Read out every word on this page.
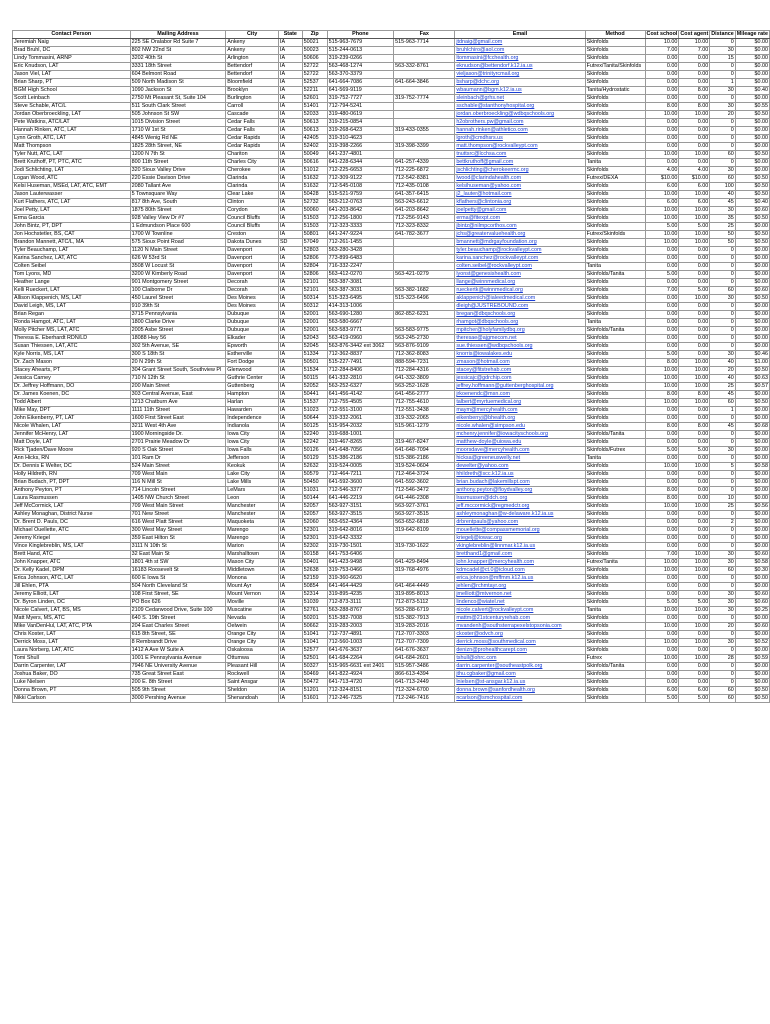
Contact Person	Mailing Address	City	State	Zip	Phone	Fax	Email	Method	Cost school	Cost agent	Distance	Mileage rate
Jeremiah Naig	225 SE Oralabor Rd Suite 7	Ankeny	IA	50021	515-963-7679	515-963-7714	jtdnaig@gmail.com	Skinfolds	10.00	10.00	0	$0.00
Brad Bruhl, DC	802 NW 22nd St	Ankeny	IA	50023	515-244-0613		bruhlchiro@aol.com	Skinfolds	7.00	7.00	30	$0.00
Lindy Tommasini, ARNP	3202 40th St	Arlington	IA	50606	319-239-0266		ltommasini@fcchealth.org	Skinfolds	0.00	0.00	15	$0.00
Eric Knudson, LAT	3331 18th Street	Bettendorf	IA	52722	563-468-1274	563-332-8761	eknudson@bettendorf.k12.ia.us	Futrex/Tanita/Skinfolds	0.00	0.00	0	$0.00
Jason Viel, LAT	604 Belmont Road	Bettendorf	IA	52722	563-370-3379		vieljason@trinityrcmail.org	Skinfolds	0.00	0.00	0	$0.00
Brian Sharp, PT	509 North Madison St	Bloomfield	IA	52537	641-664-7086	641-664-3846	bsharp@dchc.org	Skinfolds	0.00	0.00	1	$0.00
BGM High School	1090 Jackson St	Brooklyn	IA	52211	641-569-9119		wbaumann@bgm.k12.ia.us	Tanita/Hydrostatic	0.00	8.00	30	$0.40
Scott Leinbach	2750 Mt Pleasant St, Suite 104	Burlington	IA	52601	319-752-7727	319-752-7774	sleinbach@grhs.net	Skinfolds	0.00	0.00	0	$0.00
Steve Schable, ATC/L	511 South Clark Street	Carroll	IA	51401	712-794-5241		sschable@stanthonyhospital.org	Skinfolds	8.00	8.00	30	$0.55
Jordan Oberbroeckling, LAT	505 Johnson St SW	Cascade	IA	52033	319-480-0619		jordan.oberbroeckling@wdbqschools.org	Skinfolds	10.00	10.00	20	$0.50
Pete Watkins, ATC/LAT	1015 Division Street	Cedar Falls	IA	50613	319-215-0854		h2obrothers.pw@gmail.com	Skinfolds	0.00	0.00	0	$0.00
Hannah Rinken, ATC, LAT	1710 W 1st St	Cedar Falls	IA	50613	319-268-6423	319-433-0355	hannah.rinken@athletico.com	Skinfolds	0.00	0.00	0	$0.00
Lynn Groth, ATC, LAT	4845 Wenig Rd NE	Cedar Rapids	IA	42405	319-310-4623		lgroth@cmdhsrs.us	Skinfolds	0.00	0.00	0	$0.00
Matt Thompson	1825 28th Street, NE	Cedar Rapids	IA	52402	319-398-2266	319-398-3399	matt.thompson@rockvalleypt.com	Skinfolds	0.00	0.00	0	$0.00
Tyler Nutt, ATC, LAT	1200 N 7th St	Chariton	IA	50049	641-237-4801		tnuttsrc@lcchsa.com	Skinfolds	10.00	10.00	60	$0.50
Brett Kruthoff, PT, PTC, ATC	800 11th Street	Charles City	IA	50616	641-228-6344	641-257-4339	bettkruthoff@gmail.com	Tanita	0.00	0.00	0	$0.00
Jodi Schlichting, LAT	320 Sioux Valley Drive	Cherokee	IA	51012	712-225-6653	712-225-6872	jschlichting@cherokeermc.org	Skinfolds	4.00	4.00	30	$0.00
Logan Wood, ATC	220 Essie Davison Drive	Clarinda	IA	51632	712-309-9122	712-542-8381	lwood@clarindahealth.com	Futrex/DEXA	$10.00	$10.00	60	$0.50
Kelsi Huseman, MSEd, LAT, ATC, EMT	2080 Tallant Ave	Clarinda	IA	51632	712-545-0108	712-435-0108	kelsihuseman@yahoo.com	Skinfolds	6.00	6.00	100	$0.50
Jason Lauterwasser	5 Townsquare Way	Clear Lake	IA	50428	515-521-9759	641-357-6415	j2_lauter@hotmail.com	Skinfolds	10.00	10.00	40	$0.50
Kurt Flathers, ATC, LAT	817 8th Ave, South	Clinton	IA	52732	563-212-0763	563-243-6612	kflathers@clintonia.org	Skinfolds	6.00	6.00	45	$0.40
Joel Petty, LAT	1875 80th Street	Corydon	IA	50060	641-203-8642	641-203-8642	joelpetty@gmail.com	Skinfolds	10.00	10.00	30	$0.60
Erma Garcia	928 Valley View Dr #7	Council Bluffs	IA	51503	712-256-1800	712-256-9143	erma@fitexpt.com	Skinfolds	10.00	10.00	35	$0.50
John Bintz, PT, DPT	1 Edmundson Place 600	Council Bluffs	IA	51503	712-323-3333	712-323-8332	jbintz@nilmpcorthos.com	Skinfolds	5.00	5.00	25	$0.00
Jon Hochstetler, BS, CAT	1700 W Townline	Creston	IA	50801	641-247-9224	641-782-3677	jchs@greatervaluehealth.org	Futrex/Skinfolds	10.00	10.00	50	$0.50
Brandon Mannett, ATC/L, MA	575 Sioux Point Road	Dakota Dunes	SD	57049	712-261-1455		bmannett@mdrgayfoundation.org	Skinfolds	10.00	10.00	50	$0.50
Tyler Beauchamp, LAT	1120 N Main Street	Davenport	IA	52803	563-280-3428		tyler.beauchamp@rockvalleypt.com	Skinfolds	0.00	0.00	0	$0.00
Karina Sanchez, LAT, ATC	626 W 53rd St	Davenport	IA	52806	773-899-6483		karina.sanchez@rockvalleypt.com	Skinfolds	0.00	0.00	0	$0.00
Colten Seibel	3508 W Locust St	Davenport	IA	52804	716-332-2247		colten.seibel@rockvalleypt.com	Tanita	0.00	0.00	0	$0.00
Tom Lyons, MD	3200 W Kimberly Road	Davenport	IA	52806	563-412-0270	563-421-0279	lyonst@genesishealth.com	Skinfolds/Tanita	5.00	0.00	0	$0.00
Heather Lange	901 Montgomery Street	Decorah	IA	52101	563-387-3081		llange@winnmedical.org	Skinfolds	0.00	0.00	0	$0.00
Kelli Rueckert, LAT	100 Claiborne Dr	Decorah	IA	52101	563-387-3031	563-382-1682	rueckertk@winnmedical.org	Skinfolds	7.00	5.00	60	$0.60
Allison Klappenich, MS, LAT	450 Laurel Street	Des Moines	IA	50314	515-323-6495	515-323-6496	aklappenich@ialeedmedical.com	Skinfolds	0.00	10.00	30	$0.50
David Leigh, MS, LAT	910 39th St	Des Moines	IA	50312	414-313-1006		dleigh@JUSTREBOUND.com	Skinfolds	0.00	0.00	0	$0.00
Brian Regan	3715 Pennsylvania	Dubuque	IA	52001	563-690-1280	862-852-6231	bregan@dbqschools.org	Skinfolds	0.00	0.00	0	$0.00
Ronda Hamgot, ATC, LAT	1800 Clarke Drive	Dubuque	IA	52001	563-580-6667		rhamgot@dbqschools.org	Tanita	0.00	0.00	0	$0.00
Molly Pitcher MS, LAT, ATC	2005 Asbe Street	Dubuque	IA	52001	563-583-9771	563-583-9775	mpitcher@holyfamilydbq.org	Skinfolds/Tanita	0.00	0.00	0	$0.00
Theresa E. Eberhardt RDN/LD	18088 Hwy 56	Elkader	IA	52043	563-419-0960	563-245-2730	theresae@ajgmecom.net	Skinfolds	0.00	0.00	0	$0.00
Susan Thiessen, LAT, ATC	302 5th Avenue, SE	Epworth	IA	52045	563-876-3442 ext 3062	563-876-9109	sue.thiessen@wdbqschools.org	Skinfolds	0.00	0.00	0	$0.00
Kyle Norris, MS, LAT	300 S 18th St	Estherville	IA	51334	712-362-8837	712-362-8083	knorris@iowalakes.edu	Skinfolds	5.00	0.00	30	$0.46
Dr. Zach Mason	20 N 29th St	Fort Dodge	IA	50501	515-227-7491	888-594-7231	zmason@hotmail.com	Skinfolds	8.00	10.00	40	$1.00
Stacey Ahearts, PT	304 Grant Street South, Southview Pl	Glenwood	IA	51534	712-284-8406	712-284-4316	stacey@fitstrehab.com	Skinfolds	10.00	10.00	20	$0.50
Jessica Carney	710 N 12th St	Guthrie Center	IA	50115	641-332-2810	641-332-3809	jessicajc@gdrchip.com	Skinfolds	10.00	10.00	40	$0.63
Dr. Jeffrey Hoffmann, DO	200 Main Street	Guttenberg	IA	52052	563-252-6327	563-252-1628	jeffrey.hoffmann@guttenberghospital.org	Skinfolds	10.00	10.00	25	$0.57
Dr. James Koenen, DC	303 Central Avenue, East	Hampton	IA	50441	641-456-4142	641-456-2777	jrkoenendc@msn.com	Skinfolds	8.00	8.00	45	$0.00
Todd Albert	1213 Chatburn Ave	Harlan	IA	51537	712-755-4505	712-755-4610	talbert@myrtuemedical.org	Skinfolds	10.00	10.00	60	$0.50
Mike May, DPT	1111 11th Street	Hawarden	IA	51023	712-551-3100	712-551-3438	maym@mercyhealth.com	Skinfolds	0.00	0.00	1	$0.00
John Eikenberry, PT, LAT	1600 First Street East	Independence	IA	50644	319-332-2061	319-332-2065	eikenberryj@bhealth.org	Skinfolds	0.00	0.00	0	$0.00
Nicole Whalen, LAT	3211 West 4th Ave	Indianola	IA	50125	515-954-2032	515-961-1279	nicole.whalen@simpson.edu	Skinfolds	8.00	8.00	45	$0.68
Jennifer McHenry, LAT	1900 Morningside Dr.	Iowa City	IA	52240	319-688-1001		mchenry.jennifer@iowacityschools.org	Skinfolds/Tanita	0.00	0.00	0	$0.00
Matt Doyle, LAT	2701 Prairie Meadow Dr	Iowa City	IA	52242	319-467-8265	319-467-8247	matthew-doyle@uiowa.edu	Skinfolds	0.00	0.00	0	$0.00
Rick Tjaden/Dave Moore	920 S Oak Street	Iowa Falls	IA	50126	641-648-7056	641-648-7094	moorsdave@mercyhealth.com	Skinfolds/Futrex	5.00	5.00	30	$0.00
Ann Hicks, RN	101 Ram Dr	Jefferson	IA	50129	515-386-2186	515-386-2186	hicksa@greeneuswelly.net	Tanita	0.00	0.00	0	$0.00
Dr. Dennis E Welter, DC	524 Main Street	Keokuk	IA	52632	319-524-0005	319-524-0604	dewelter@yahoo.com	Skinfolds	10.00	10.00	5	$0.58
Holly Hildreth, RN	709 West Main	Lake City	IA	50579	712-464-7211	712-464-3724	hhildreth@scc.k12.ia.us	Skinfolds	0.00	0.00	0	$0.00
Brian Budach, PT, DPT	116 N Mill St	Lake Mills	IA	50450	641-592-3600	641-592-3602	brian.budach@lakemillspt.com	Skinfolds	0.00	0.00	0	$0.00
Anthony Peyton, PT	714 Lincoln Street	LeMars	IA	51031	712-546-3377	712-546-3472	anthony.peyton@floydvalley.org	Skinfolds	8.00	0.00	0	$0.00
Laura Rasmussen	1405 NW Church Street	Leon	IA	50144	641-446-2219	641-446-2308	lrasmussen@dch.org	Skinfolds	8.00	0.00	10	$0.00
Jeff McCormick, LAT	709 West Main Street	Manchester	IA	52057	563-927-3151	563-927-3761	jeff.mccormick@regmedctr.org	Skinfolds	10.00	10.00	25	$0.56
Ashley Monaghan, District Nurse	701 New Street	Manchester	IA	52057	563-927-3515	563-927-3515	ashleymonaghan@w-delaware.k12.ia.us	Skinfolds	0.00	0.00	0	$0.00
Dr. Brent D. Pauls, DC	616 West Platt Street	Maquoketa	IA	52060	563-652-4364	563-652-6818	drbrentpauls@yahoo.com	Skinfolds	0.00	0.00	2	$0.00
Michael Ouellette, ATC	300 West May Street	Marengo	IA	52301	319-642-8016	319-642-8109	mouellette@compassmemorial.org	Skinfolds	0.00	0.00	0	$0.00
Jeremy Kriegel	359 East Hilton St	Marengo	IA	52301	319-642-3332		kriegelj@iowac.org	Skinfolds	0.00	0.00	0	$0.00
Vince Kinglebreblin, MS, LAT	3111 N 10th St	Marion	IA	52302	319-730-1501	319-730-1622	vkinglebreblin@linnmar.k12.ia.us	Skinfolds	0.00	0.00	0	$0.00
Brett Hand, ATC	32 East Main St	Marshalltown	IA	50158	641-753-6406		bretthand1@gmail.com	Skinfolds	7.00	10.00	30	$0.60
John Knapper, ATC	1801 4th st SW	Mason City	IA	50401	641-423-9498	641-429-8494	john.knapper@mercyhealth.com	Futrex/Tanita	10.00	10.00	30	$0.58
Dr. Kelly Kadel, DPM	16183 Roosevelt St	Middletown	IA	52638	319-753-0466	319-768-4976	kdmcadel@ct.0@icloud.com	Skinfolds	10.00	10.00	60	$0.30
Erica Johnson, ATC, LAT	600 E Iowa St	Monona	IA	52159	319-360-6620		erica.johnson@mffmm.k12.ia.us	Skinfolds	0.00	0.00	0	$0.00
Jill Ehlen, PTA	504 North Cleveland St	Mount Ayr	IA	50854	641-464-4429	641-464-4449	jehlen@rchmtayr.org	Skinfolds	0.00	0.00	0	$0.00
Jeremy Elliott, LAT	108 First Street, SE	Mount Vernon	IA	52314	319-895-4235	319-895-8013	jmelliott@mtvernon.net	Skinfolds	0.00	0.00	30	$0.60
Dr. Byron Linden, DC	PO Box 626	Moville	IA	51039	712-873-3111	712-873-5112	lindenco@wiatel.net	Skinfolds	5.00	5.00	30	$0.60
Nicole Calvert, LAT, BS, MS	2109 Cedarwood Drive, Suite 100	Muscatine	IA	52761	563-288-8767	563-288-6719	nicole.calvert@rockvalleypt.com	Tanita	10.00	10.00	30	$0.25
Matt Myers, MS, ATC	640 S. 19th Street	Nevada	IA	50201	515-382-7008	515-382-7913	mattm@21stcenturyrehab.com	Skinfolds	0.00	0.00	0	$0.00
Mike VanDenHul, LAT, ATC, PTA	204 East Charles Street	Oelwein	IA	50662	319-283-2003	319-283-2016	mvandenh@southsterrapexelstopsonia.com	Skinfolds	10.00	10.00	20	$0.60
Chris Koster, LAT	615 8th Street, SE	Orange City	IA	51041	712-737-4891	712-707-3303	ckoster@odvch.org	Skinfolds	0.00	0.00	0	$0.00
Derrick Moss, LAT	8 Rembrandt Drive	Orange City	IA	51041	712-560-1003	712-707-7309	derrick.moss@southmedical.com	Skinfolds	10.00	10.00	30	$0.52
Laura Norberg, LAT, ATC	1412 A Ave W Suite A	Oskaloosa	IA	52577	641-676-3637	641-676-3637	denizn@prohealthcarept.com	Skinfolds	0.00	0.00	0	$0.00
Tomi Shull	1001 E Pennsylvania Avenue	Ottumwa	IA	52501	641-684-2264	641-684-2601	tshull@ohrc.com	Futrex	10.00	10.00	28	$0.59
Darrin Carpenter, LAT	7946 NE University Avenue	Pleasant Hill	IA	50327	515-965-6631 ext 2401	515-957-3486	darrin.carpenter@southeastpolk.org	Skinfolds/Tanita	0.00	0.00	0	$0.00
Joshua Baker, DO	735 Great Street East	Rockwell	IA	50469	641-822-4924	866-613-4394	jthu.cgbaker@gmail.com	Skinfolds	0.00	0.00	0	$0.00
Luke Nielsen	200 E. 8th Street	Saint Ansgar	IA	50472	641-713-4720	641-713-2449	lnielsen@st-ansgar.k12.ia.us	Skinfolds	0.00	0.00	0	$0.00
Donna Brown, PT	505 9th Street	Sheldon	IA	51201	712-324-8151	712-324-6700	donna.brown@sanfordhealth.org	Skinfolds	6.00	6.00	60	$0.50
Nikki Carlson	3000 Pershing Avenue	Shenandoah	IA	51601	712-246-7325	712-246-7416	ncarlson@smchospital.com	Skinfolds	5.00	5.00	60	$0.50
